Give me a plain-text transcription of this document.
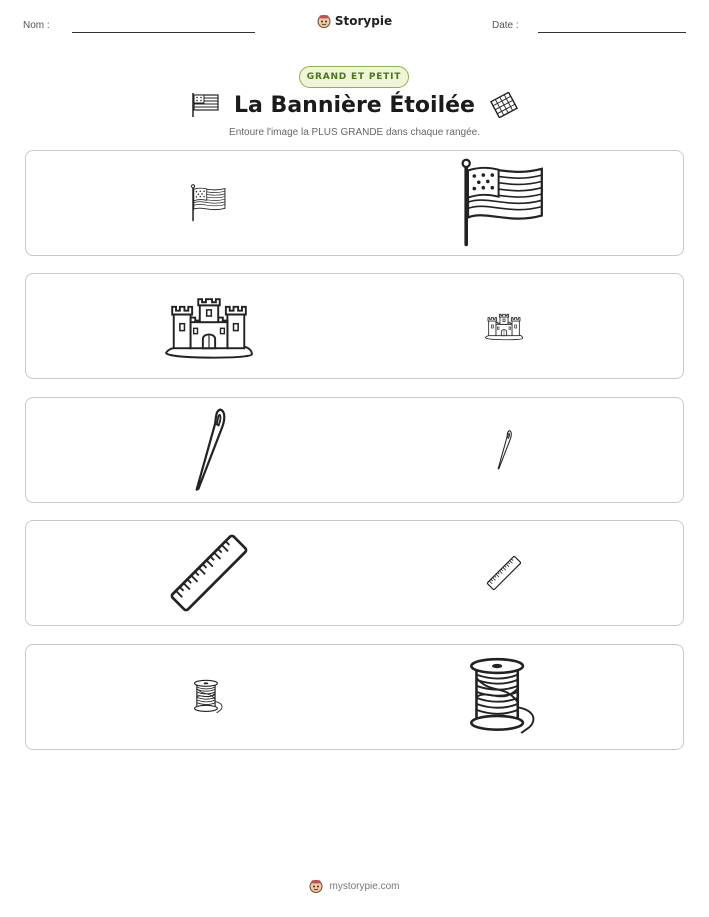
Nom :	Storypie	Date :
GRAND ET PETIT
La Bannière Étoilée
Entoure l'image la PLUS GRANDE dans chaque rangée.
mystorypie.com
